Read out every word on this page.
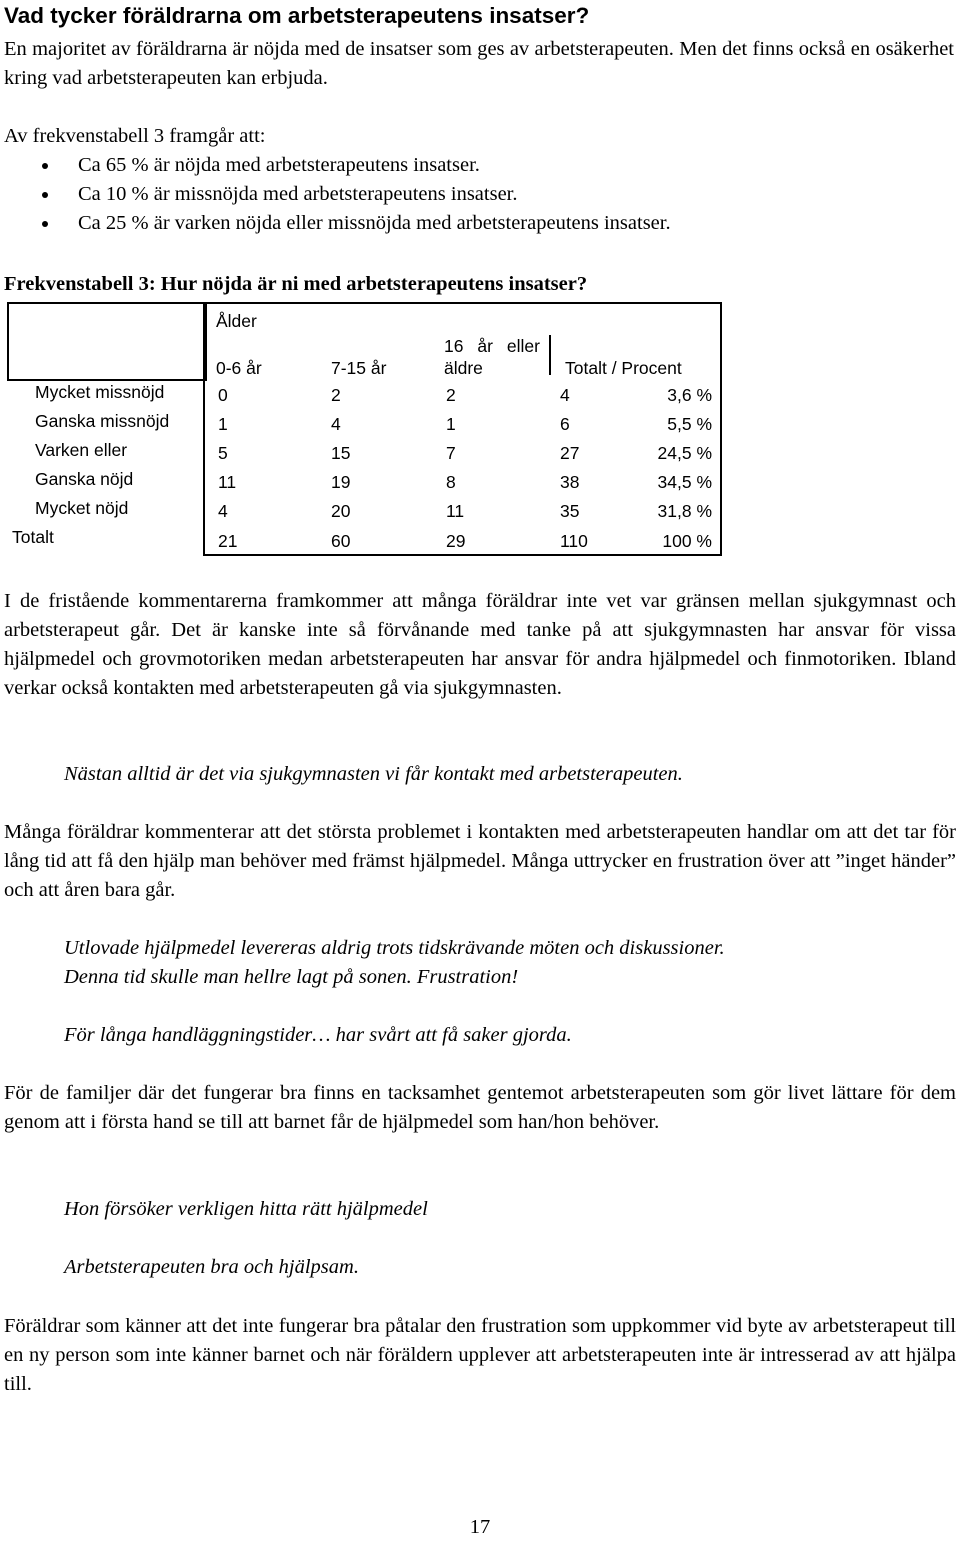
Vad tycker föräldrarna om arbetsterapeutens insatser?
En majoritet av föräldrarna är nöjda med de insatser som ges av arbetsterapeuten. Men det finns också en osäkerhet kring vad arbetsterapeuten kan erbjuda.
Av frekvenstabell 3 framgår att:
Ca 65 % är nöjda med arbetsterapeutens insatser.
Ca 10 % är missnöjda med arbetsterapeutens insatser.
Ca 25 % är varken nöjda eller missnöjda med arbetsterapeutens insatser.
Frekvenstabell 3: Hur nöjda är ni med arbetsterapeutens insatser?
Ålder
0-6 år	7-15 år
16 år eller
äldre	Totalt / Procent
Mycket missnöjd	0	2	2	4	3,6 %
Ganska missnöjd	1	4	1	6	5,5 %
Varken eller	5	15	7	27	24,5 %
Ganska nöjd	11	19	8	38	34,5 %
Mycket nöjd	4	20	11	35	31,8 %
Totalt	21	60	29	110	100 %
I de fristående kommentarerna framkommer att många föräldrar inte vet var gränsen mellan sjukgymnast och arbetsterapeut går. Det är kanske inte så förvånande med tanke på att sjukgymnasten har ansvar för vissa hjälpmedel och grovmotoriken medan arbetsterapeuten har ansvar för andra hjälpmedel och finmotoriken. Ibland verkar också kontakten med arbetsterapeuten gå via sjukgymnasten.
Nästan alltid är det via sjukgymnasten vi får kontakt med arbetsterapeuten.
Många föräldrar kommenterar att det största problemet i kontakten med arbetsterapeuten handlar om att det tar för lång tid att få den hjälp man behöver med främst hjälpmedel. Många uttrycker en frustration över att ”inget händer” och att åren bara går.
Utlovade hjälpmedel levereras aldrig trots tidskrävande möten och diskussioner.
Denna tid skulle man hellre lagt på sonen. Frustration!
För långa handläggningstider… har svårt att få saker gjorda.
För de familjer där det fungerar bra finns en tacksamhet gentemot arbetsterapeuten som gör livet lättare för dem genom att i första hand se till att barnet får de hjälpmedel som han/hon behöver.
Hon försöker verkligen hitta rätt hjälpmedel
Arbetsterapeuten bra och hjälpsam.
Föräldrar som känner att det inte fungerar bra påtalar den frustration som uppkommer vid byte av arbetsterapeut till en ny person som inte känner barnet och när föräldern upplever att arbetsterapeuten inte är intresserad av att hjälpa till.
17
